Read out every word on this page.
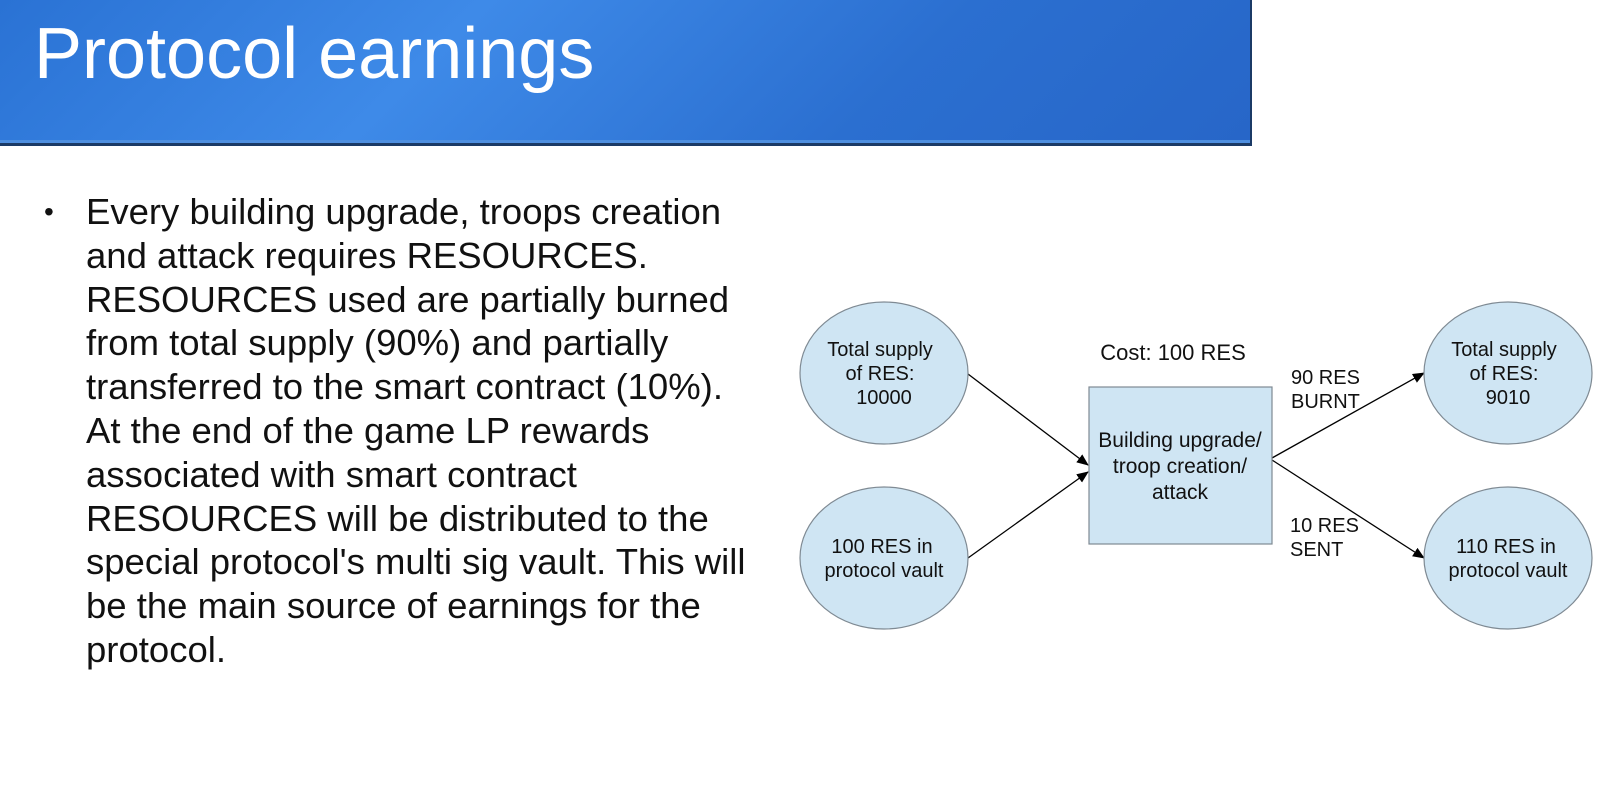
Protocol earnings
• Every building upgrade, troops creation and attack requires RESOURCES. RESOURCES used are partially burned from total supply (90%) and partially transferred to the smart contract (10%). At the end of the game LP rewards associated with smart contract RESOURCES will be distributed to the special protocol's multi sig vault. This will be the main source of earnings for the protocol.
Total supply
of RES:
10000
100 RES in
protocol vault
Cost: 100 RES
Building upgrade/
troop creation/
attack
90 RES
BURNT
10 RES
SENT
Total supply
of RES:
9010
110 RES in
protocol vault
